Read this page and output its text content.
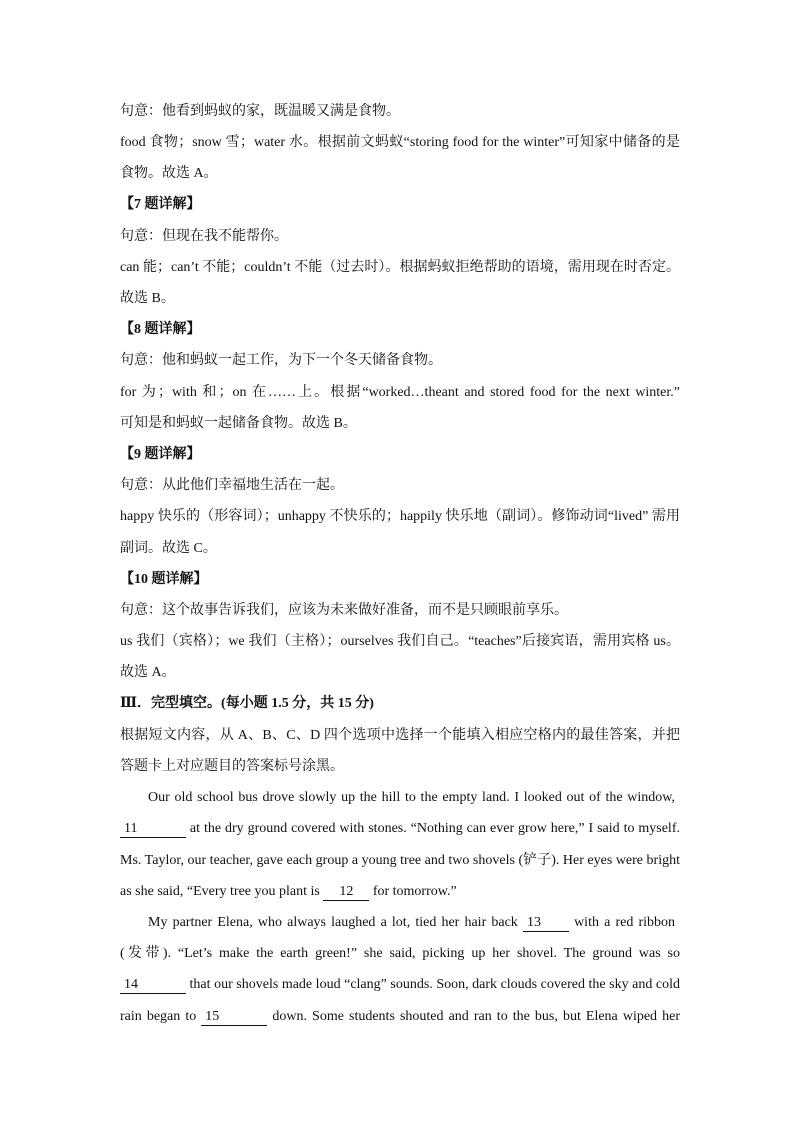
句意：他看到蚂蚁的家，既温暖又满是食物。
food 食物；snow 雪；water 水。根据前文蚂蚁“storing food for the winter”可知家中储备的是
食物。故选 A。
【7 题详解】
句意：但现在我不能帮你。
can 能；can’t 不能；couldn’t 不能（过去时）。根据蚂蚁拒绝帮助的语境，需用现在时否定。
故选 B。
【8 题详解】
句意：他和蚂蚁一起工作，为下一个冬天储备食物。
for 为；with 和；on 在……上。根据“worked…theant and stored food for the next winter.”
可知是和蚂蚁一起储备食物。故选 B。
【9 题详解】
句意：从此他们幸福地生活在一起。
happy 快乐的（形容词）；unhappy 不快乐的；happily 快乐地（副词）。修饰动词“lived” 需用
副词。故选 C。
【10 题详解】
句意：这个故事告诉我们，应该为未来做好准备，而不是只顾眼前享乐。
us 我们（宾格）；we 我们（主格）；ourselves 我们自己。“teaches”后接宾语，需用宾格 us。
故选 A。
Ⅲ．完型填空。(每小题 1.5 分，共 15 分)
根据短文内容，从 A、B、C、D 四个选项中选择一个能填入相应空格内的最佳答案，并把
答题卡上对应题目的答案标号涂黑。
Our old school bus drove slowly up the hill to the empty land. I looked out of the window,
11	at the dry ground covered with stones. “Nothing can ever grow here,” I said to myself.
Ms. Taylor, our teacher, gave each group a young tree and two shovels (铲子). Her eyes were bright
as she said, “Every tree you plant is 12 for tomorrow.”
My partner Elena, who always laughed a lot, tied her hair back 13 with a red ribbon
(发带). “Let’s make the earth green!” she said, picking up her shovel. The ground was so
14	that our shovels made loud “clang” sounds. Soon, dark clouds covered the sky and cold
rain began to 15	down. Some students shouted and ran to the bus, but Elena wiped her
